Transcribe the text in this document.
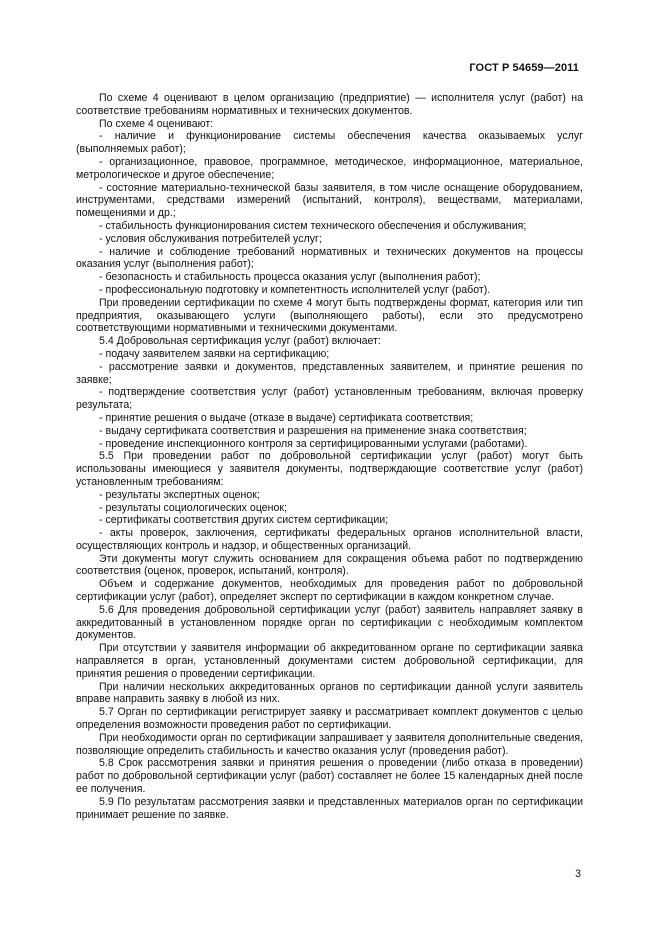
ГОСТ Р 54659—2011

По схеме 4 оценивают в целом организацию (предприятие) — исполнителя услуг (работ) на соответствие требованиям нормативных и технических документов.

По схеме 4 оценивают:

- наличие и функционирование системы обеспечения качества оказываемых услуг (выполняемых работ);

- организационное, правовое, программное, методическое, информационное, материальное, метрологическое и другое обеспечение;

- состояние материально-технической базы заявителя, в том числе оснащение оборудованием, инструментами, средствами измерений (испытаний, контроля), веществами, материалами, помещениями и др.;

- стабильность функционирования систем технического обеспечения и обслуживания;

- условия обслуживания потребителей услуг;

- наличие и соблюдение требований нормативных и технических документов на процессы оказания услуг (выполнения работ);

- безопасность и стабильность процесса оказания услуг (выполнения работ);

- профессиональную подготовку и компетентность исполнителей услуг (работ).

При проведении сертификации по схеме 4 могут быть подтверждены формат, категория или тип предприятия, оказывающего услуги (выполняющего работы), если это предусмотрено соответствующими нормативными и техническими документами.

5.4 Добровольная сертификация услуг (работ) включает:

- подачу заявителем заявки на сертификацию;

- рассмотрение заявки и документов, представленных заявителем, и принятие решения по заявке;

- подтверждение соответствия услуг (работ) установленным требованиям, включая проверку результата;

- принятие решения о выдаче (отказе в выдаче) сертификата соответствия;

- выдачу сертификата соответствия и разрешения на применение знака соответствия;

- проведение инспекционного контроля за сертифицированными услугами (работами).

5.5 При проведении работ по добровольной сертификации услуг (работ) могут быть использованы имеющиеся у заявителя документы, подтверждающие соответствие услуг (работ) установленным требованиям:

- результаты экспертных оценок;

- результаты социологических оценок;

- сертификаты соответствия других систем сертификации;

- акты проверок, заключения, сертификаты федеральных органов исполнительной власти, осуществляющих контроль и надзор, и общественных организаций.

Эти документы могут служить основанием для сокращения объема работ по подтверждению соответствия (оценок, проверок, испытаний, контроля).

Объем и содержание документов, необходимых для проведения работ по добровольной сертификации услуг (работ), определяет эксперт по сертификации в каждом конкретном случае.

5.6 Для проведения добровольной сертификации услуг (работ) заявитель направляет заявку в аккредитованный в установленном порядке орган по сертификации с необходимым комплектом документов.

При отсутствии у заявителя информации об аккредитованном органе по сертификации заявка направляется в орган, установленный документами систем добровольной сертификации, для принятия решения о проведении сертификации.

При наличии нескольких аккредитованных органов по сертификации данной услуги заявитель вправе направить заявку в любой из них.

5.7 Орган по сертификации регистрирует заявку и рассматривает комплект документов с целью определения возможности проведения работ по сертификации.

При необходимости орган по сертификации запрашивает у заявителя дополнительные сведения, позволяющие определить стабильность и качество оказания услуг (проведения работ).

5.8 Срок рассмотрения заявки и принятия решения о проведении (либо отказа в проведении) работ по добровольной сертификации услуг (работ) составляет не более 15 календарных дней после ее получения.

5.9 По результатам рассмотрения заявки и представленных материалов орган по сертификации принимает решение по заявке.

3
